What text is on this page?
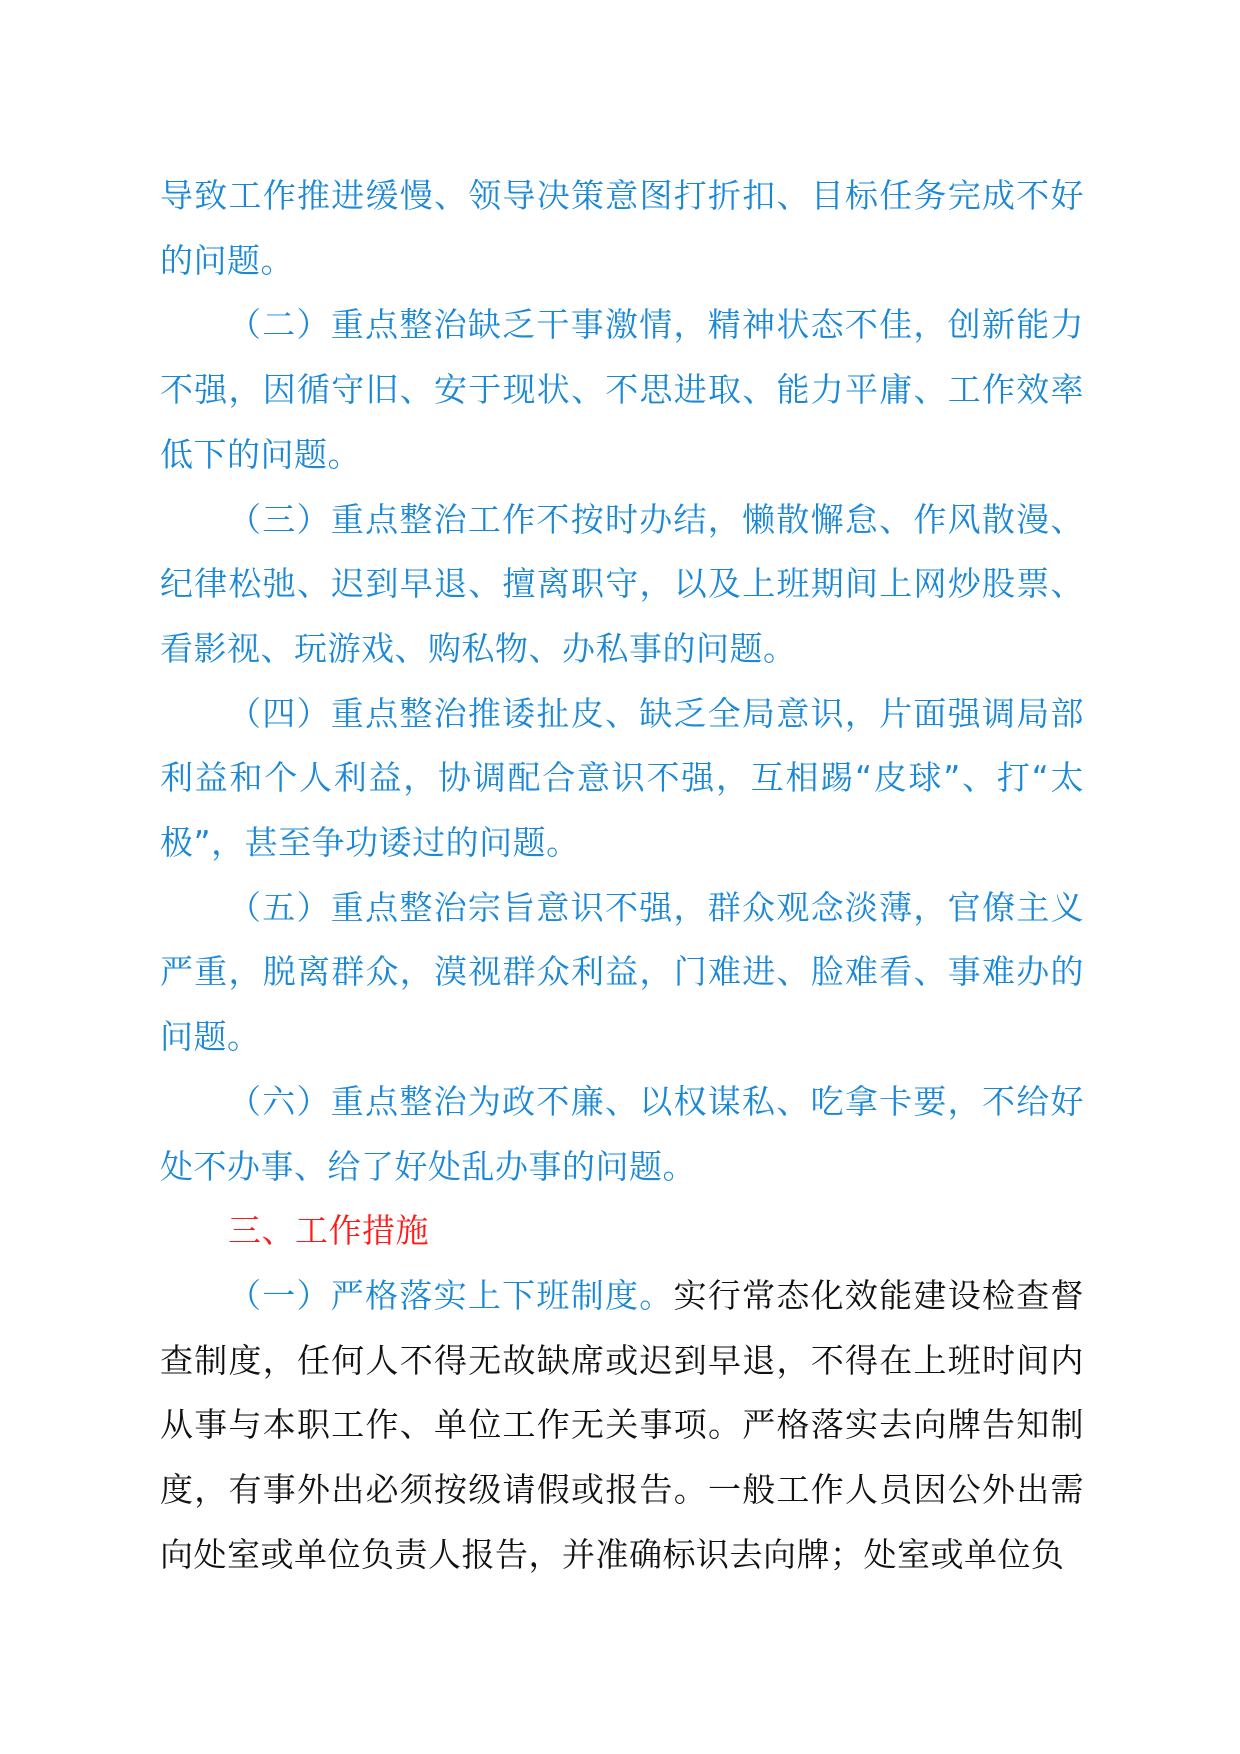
导致工作推进缓慢、领导决策意图打折扣、目标任务完成不好的问题。

（二）重点整治缺乏干事激情，精神状态不佳，创新能力不强，因循守旧、安于现状、不思进取、能力平庸、工作效率低下的问题。

（三）重点整治工作不按时办结，懒散懈怠、作风散漫、纪律松弛、迟到早退、擅离职守，以及上班期间上网炒股票、看影视、玩游戏、购私物、办私事的问题。

（四）重点整治推诿扯皮、缺乏全局意识，片面强调局部利益和个人利益，协调配合意识不强，互相踢“皮球”、打“太极”，甚至争功诿过的问题。

（五）重点整治宗旨意识不强，群众观念淡薄，官僚主义严重，脱离群众，漠视群众利益，门难进、脸难看、事难办的问题。

（六）重点整治为政不廉、以权谋私、吃拿卡要，不给好处不办事、给了好处乱办事的问题。

三、工作措施

（一）严格落实上下班制度。实行常态化效能建设检查督查制度，任何人不得无故缺席或迟到早退，不得在上班时间内从事与本职工作、单位工作无关事项。严格落实去向牌告知制度，有事外出必须按级请假或报告。一般工作人员因公外出需向处室或单位负责人报告，并准确标识去向牌；处室或单位负
